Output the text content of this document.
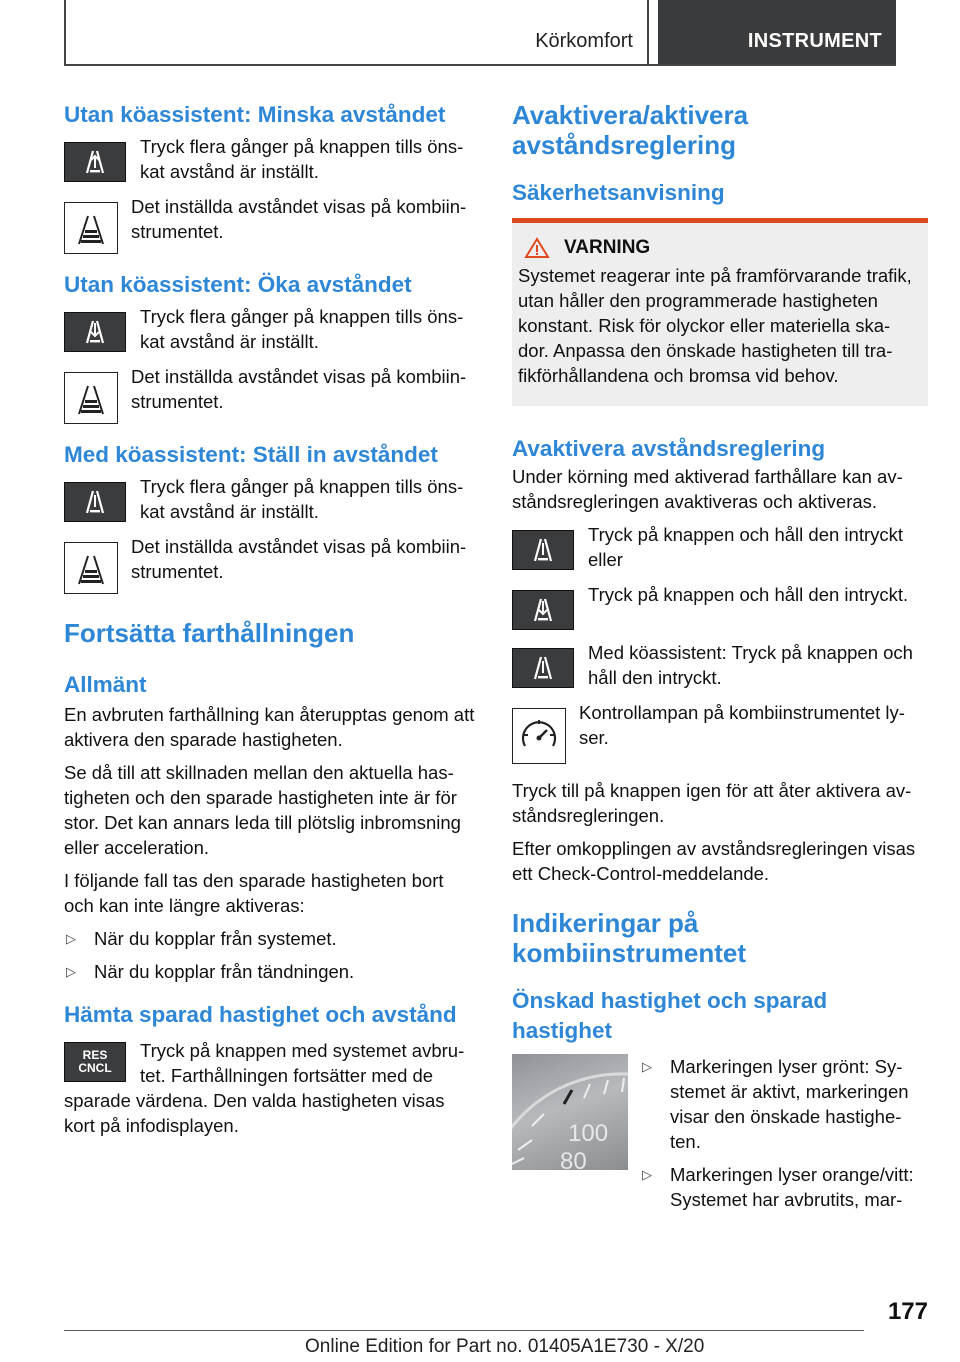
Körkomfort	INSTRUMENT
Utan köassistent: Minska avståndet
Tryck flera gånger på knappen tills öns- kat avstånd är inställt.
Det inställda avståndet visas på kombiin- strumentet.
Utan köassistent: Öka avståndet
Tryck flera gånger på knappen tills öns- kat avstånd är inställt.
Det inställda avståndet visas på kombiin- strumentet.
Med köassistent: Ställ in avståndet
Tryck flera gånger på knappen tills öns- kat avstånd är inställt.
Det inställda avståndet visas på kombiin- strumentet.
Fortsätta farthållningen
Allmänt
En avbruten farthållning kan återupptas genom att aktivera den sparade hastigheten.
Se då till att skillnaden mellan den aktuella has- tigheten och den sparade hastigheten inte är för stor. Det kan annars leda till plötslig inbromsning eller acceleration.
I följande fall tas den sparade hastigheten bort och kan inte längre aktiveras:
▷ När du kopplar från systemet.
▷ När du kopplar från tändningen.
Hämta sparad hastighet och avstånd
RES CNCL
Tryck på knappen med systemet avbru- tet. Farthållningen fortsätter med de sparade värdena. Den valda hastigheten visas kort på infodisplayen.
Avaktivera/aktivera avståndsreglering
Säkerhetsanvisning
VARNING
Systemet reagerar inte på framförvarande trafik, utan håller den programmerade hastigheten konstant. Risk för olyckor eller materiella ska- dor. Anpassa den önskade hastigheten till tra- fikförhållandena och bromsa vid behov.
Avaktivera avståndsreglering
Under körning med aktiverad farthållare kan av- ståndsregleringen avaktiveras och aktiveras.
Tryck på knappen och håll den intryckt eller
Tryck på knappen och håll den intryckt.
Med köassistent: Tryck på knappen och håll den intryckt.
Kontrollampan på kombiinstrumentet ly- ser.
Tryck till på knappen igen för att åter aktivera av- ståndsregleringen.
Efter omkopplingen av avståndsregleringen visas ett Check-Control-meddelande.
Indikeringar på kombiinstrumentet
Önskad hastighet och sparad hastighet
100
80
▷ Markeringen lyser grönt: Sy- stemet är aktivt, markeringen visar den önskade hastighe- ten.
▷ Markeringen lyser orange/vitt: Systemet har avbrutits, mar-
177
Online Edition for Part no. 01405A1E730 - X/20
